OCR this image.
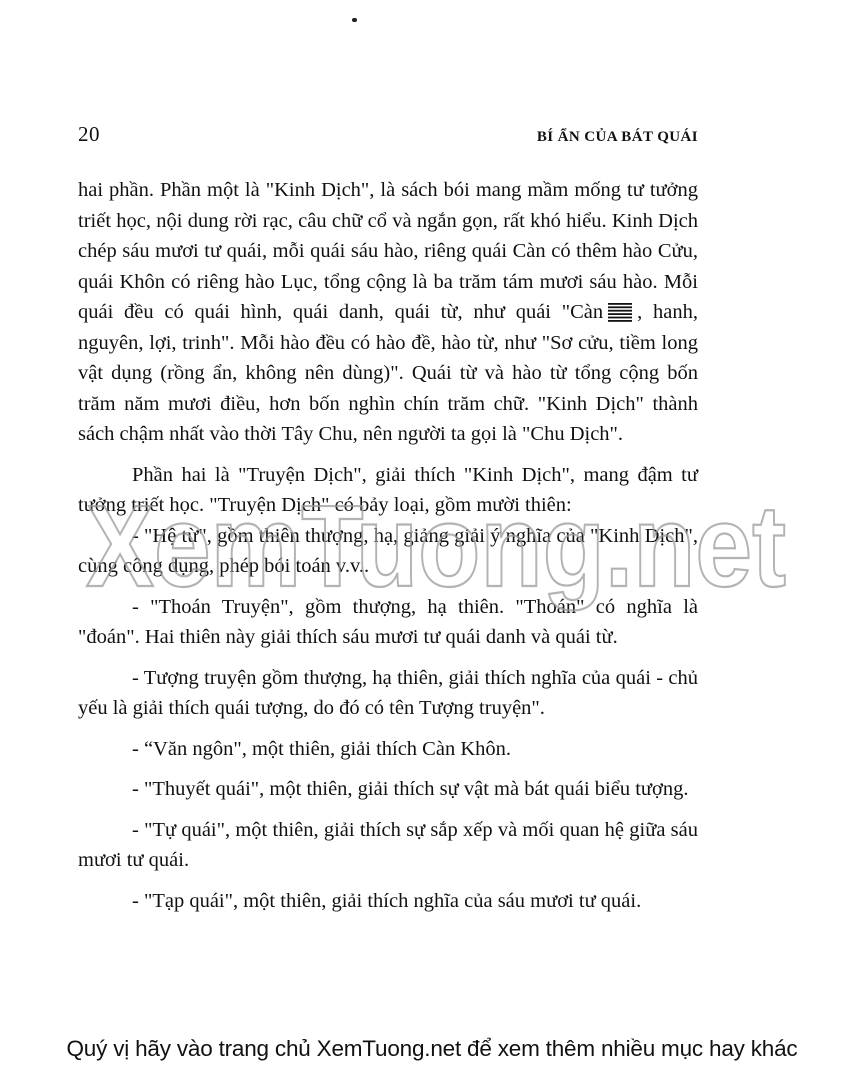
20	BÍ ẨN CỦA BÁT QUÁI

hai phần. Phần một là "Kinh Dịch", là sách bói mang mầm mống tư tưởng triết học, nội dung rời rạc, câu chữ cổ và ngắn gọn, rất khó hiểu. Kinh Dịch chép sáu mươi tư quái, mỗi quái sáu hào, riêng quái Càn có thêm hào Cửu, quái Khôn có riêng hào Lục, tổng cộng là ba trăm tám mươi sáu hào. Mỗi quái đều có quái hình, quái danh, quái từ, như quái "Càn , hanh, nguyên, lợi, trinh". Mỗi hào đều có hào đề, hào từ, như "Sơ cửu, tiềm long vật dụng (rồng ẩn, không nên dùng)". Quái từ và hào từ tổng cộng bốn trăm năm mươi điều, hơn bốn nghìn chín trăm chữ. "Kinh Dịch" thành sách chậm nhất vào thời Tây Chu, nên người ta gọi là "Chu Dịch".

Phần hai là "Truyện Dịch", giải thích "Kinh Dịch", mang đậm tư tưởng triết học. "Truyện Dịch" có bảy loại, gồm mười thiên:

- "Hệ từ", gồm thiên thượng, hạ, giảng giải ý nghĩa của "Kinh Dịch", cùng công dụng, phép bói toán v.v..

- "Thoán Truyện", gồm thượng, hạ thiên. "Thoán" có nghĩa là "đoán". Hai thiên này giải thích sáu mươi tư quái danh và quái từ.

- Tượng truyện gồm thượng, hạ thiên, giải thích nghĩa của quái - chủ yếu là giải thích quái tượng, do đó có tên Tượng truyện".

- “Văn ngôn", một thiên, giải thích Càn Khôn.

- "Thuyết quái", một thiên, giải thích sự vật mà bát quái biểu tượng.

- "Tự quái", một thiên, giải thích sự sắp xếp và mối quan hệ giữa sáu mươi tư quái.

- "Tạp quái", một thiên, giải thích nghĩa của sáu mươi tư quái.

XemTuong.net
Quý vị hãy vào trang chủ XemTuong.net để xem thêm nhiều mục hay khác
